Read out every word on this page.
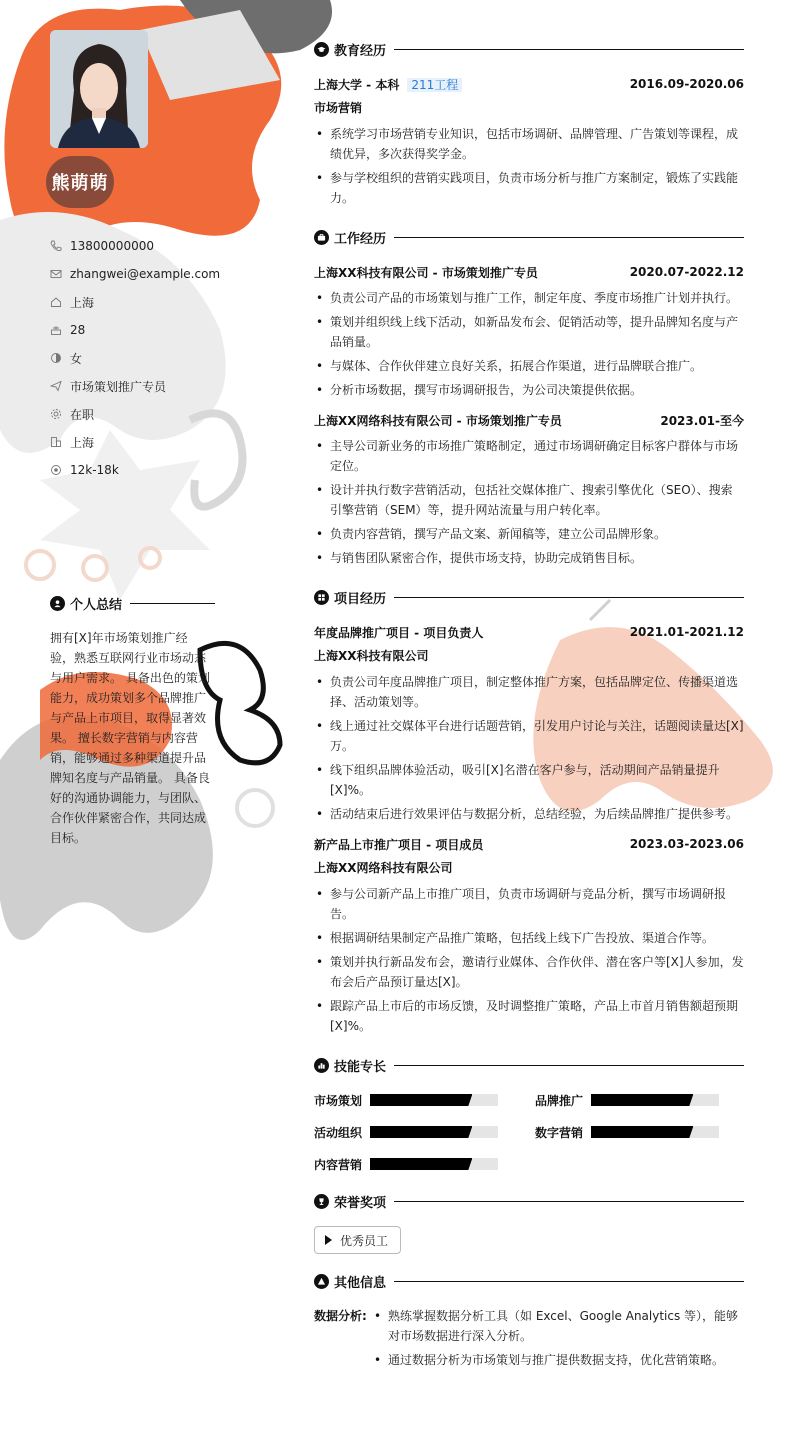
熊萌萌
13800000000
zhangwei@example.com
上海
28
女
市场策划推广专员
在职
上海
12k-18k
个人总结
拥有[X]年市场策划推广经验，熟悉互联网行业市场动态与用户需求。 具备出色的策划能力，成功策划多个品牌推广与产品上市项目，取得显著效果。 擅长数字营销与内容营销，能够通过多种渠道提升品牌知名度与产品销量。 具备良好的沟通协调能力，与团队、合作伙伴紧密合作，共同达成目标。
教育经历
上海大学 - 本科 211工程	2016.09-2020.06
市场营销
• 系统学习市场营销专业知识，包括市场调研、品牌管理、广告策划等课程，成绩优异，多次获得奖学金。
• 参与学校组织的营销实践项目，负责市场分析与推广方案制定，锻炼了实践能力。
工作经历
上海XX科技有限公司 - 市场策划推广专员	2020.07-2022.12
• 负责公司产品的市场策划与推广工作，制定年度、季度市场推广计划并执行。
• 策划并组织线上线下活动，如新品发布会、促销活动等，提升品牌知名度与产品销量。
• 与媒体、合作伙伴建立良好关系，拓展合作渠道，进行品牌联合推广。
• 分析市场数据，撰写市场调研报告，为公司决策提供依据。
上海XX网络科技有限公司 - 市场策划推广专员	2023.01-至今
• 主导公司新业务的市场推广策略制定，通过市场调研确定目标客户群体与市场定位。
• 设计并执行数字营销活动，包括社交媒体推广、搜索引擎优化（SEO）、搜索引擎营销（SEM）等，提升网站流量与用户转化率。
• 负责内容营销，撰写产品文案、新闻稿等，建立公司品牌形象。
• 与销售团队紧密合作，提供市场支持，协助完成销售目标。
项目经历
年度品牌推广项目 - 项目负责人	2021.01-2021.12
上海XX科技有限公司
• 负责公司年度品牌推广项目，制定整体推广方案，包括品牌定位、传播渠道选择、活动策划等。
• 线上通过社交媒体平台进行话题营销，引发用户讨论与关注，话题阅读量达[X]万。
• 线下组织品牌体验活动，吸引[X]名潜在客户参与，活动期间产品销量提升[X]%。
• 活动结束后进行效果评估与数据分析，总结经验，为后续品牌推广提供参考。
新产品上市推广项目 - 项目成员	2023.03-2023.06
上海XX网络科技有限公司
• 参与公司新产品上市推广项目，负责市场调研与竞品分析，撰写市场调研报告。
• 根据调研结果制定产品推广策略，包括线上线下广告投放、渠道合作等。
• 策划并执行新品发布会，邀请行业媒体、合作伙伴、潜在客户等[X]人参加，发布会后产品预订量达[X]。
• 跟踪产品上市后的市场反馈，及时调整推广策略，产品上市首月销售额超预期[X]%。
技能专长
市场策划	品牌推广
活动组织	数字营销
内容营销
荣誉奖项
优秀员工
其他信息
数据分析:
•	熟练掌握数据分析工具（如 Excel、Google Analytics 等），能够对市场数据进行深入分析。
• 通过数据分析为市场策划与推广提供数据支持，优化营销策略。
